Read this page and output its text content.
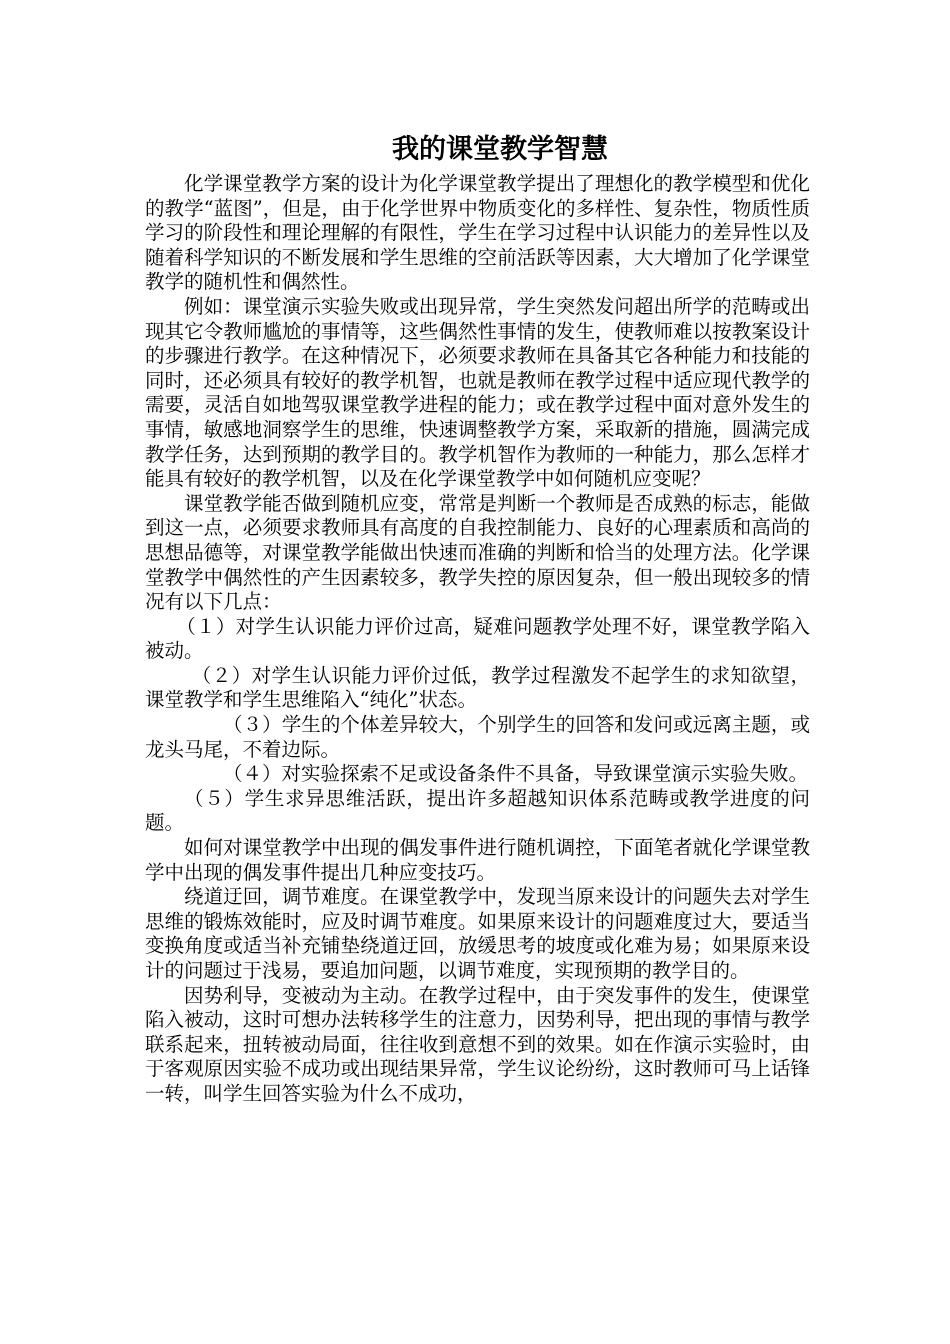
我的课堂教学智慧

化学课堂教学方案的设计为化学课堂教学提出了理想化的教学模型和优化的教学“蓝图”，但是，由于化学世界中物质变化的多样性、复杂性，物质性质学习的阶段性和理论理解的有限性，学生在学习过程中认识能力的差异性以及随着科学知识的不断发展和学生思维的空前活跃等因素，大大增加了化学课堂教学的随机性和偶然性。

例如：课堂演示实验失败或出现异常，学生突然发问超出所学的范畴或出现其它令教师尴尬的事情等，这些偶然性事情的发生，使教师难以按教案设计的步骤进行教学。在这种情况下，必须要求教师在具备其它各种能力和技能的同时，还必须具有较好的教学机智，也就是教师在教学过程中适应现代教学的需要，灵活自如地驾驭课堂教学进程的能力；或在教学过程中面对意外发生的事情，敏感地洞察学生的思维，快速调整教学方案，采取新的措施，圆满完成教学任务，达到预期的教学目的。教学机智作为教师的一种能力，那么怎样才能具有较好的教学机智，以及在化学课堂教学中如何随机应变呢？

课堂教学能否做到随机应变，常常是判断一个教师是否成熟的标志，能做到这一点，必须要求教师具有高度的自我控制能力、良好的心理素质和高尚的思想品德等，对课堂教学能做出快速而准确的判断和恰当的处理方法。化学课堂教学中偶然性的产生因素较多，教学失控的原因复杂，但一般出现较多的情况有以下几点：

（１）对学生认识能力评价过高，疑难问题教学处理不好，课堂教学陷入被动。

（２）对学生认识能力评价过低，教学过程激发不起学生的求知欲望，课堂教学和学生思维陷入“纯化”状态。

（３）学生的个体差异较大，个别学生的回答和发问或远离主题，或龙头马尾，不着边际。

（４）对实验探索不足或设备条件不具备，导致课堂演示实验失败。

（５）学生求异思维活跃，提出许多超越知识体系范畴或教学进度的问题。

如何对课堂教学中出现的偶发事件进行随机调控，下面笔者就化学课堂教学中出现的偶发事件提出几种应变技巧。

绕道迂回，调节难度。在课堂教学中，发现当原来设计的问题失去对学生思维的锻炼效能时，应及时调节难度。如果原来设计的问题难度过大，要适当变换角度或适当补充铺垫绕道迂回，放缓思考的坡度或化难为易；如果原来设计的问题过于浅易，要追加问题，以调节难度，实现预期的教学目的。

因势利导，变被动为主动。在教学过程中，由于突发事件的发生，使课堂陷入被动，这时可想办法转移学生的注意力，因势利导，把出现的事情与教学联系起来，扭转被动局面，往往收到意想不到的效果。如在作演示实验时，由于客观原因实验不成功或出现结果异常，学生议论纷纷，这时教师可马上话锋一转，叫学生回答实验为什么不成功，
